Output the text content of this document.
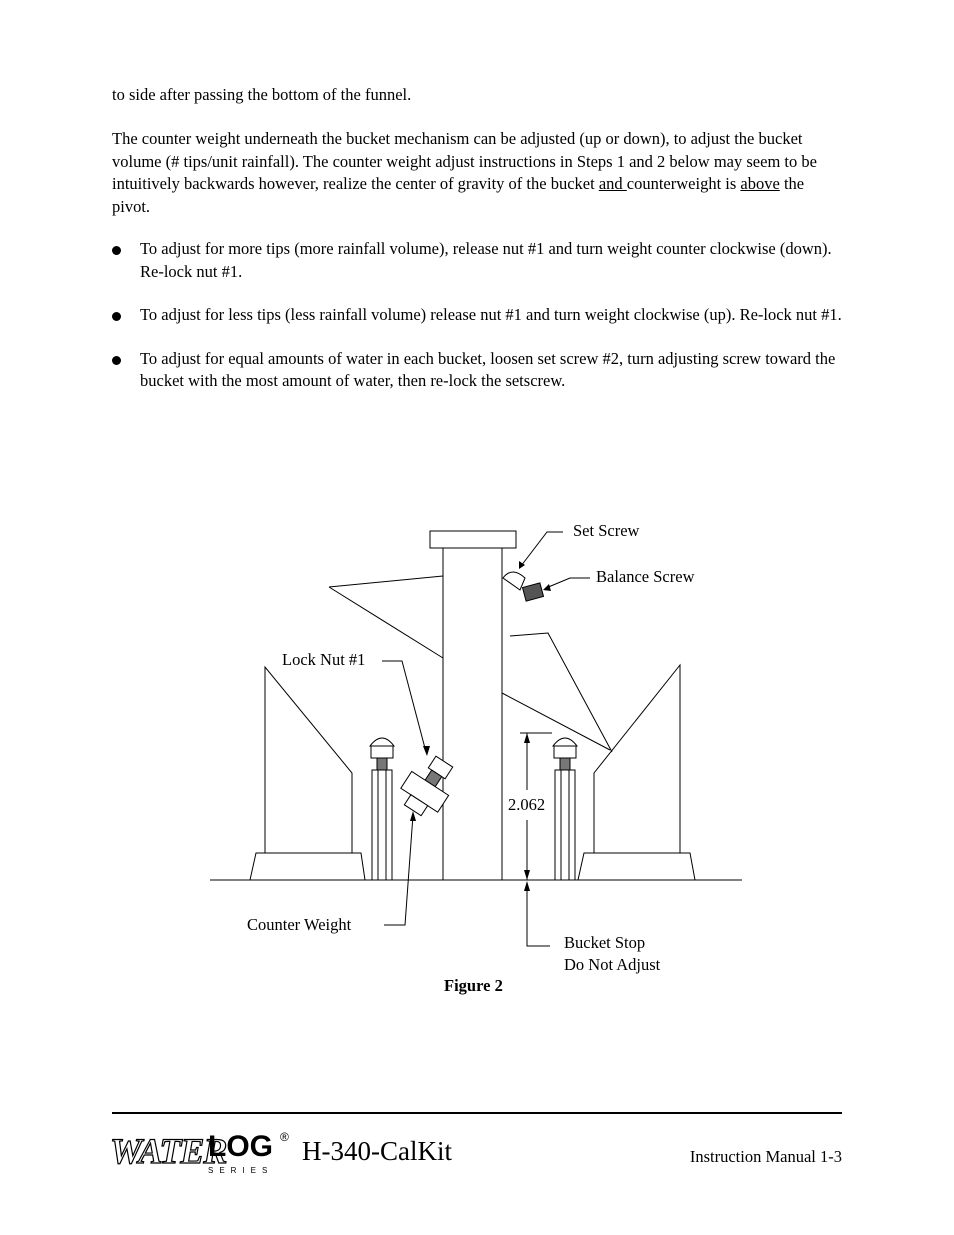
to side after passing the bottom of the funnel.
The counter weight underneath the bucket mechanism can be adjusted (up or down), to adjust the bucket volume (# tips/unit rainfall). The counter weight adjust instructions in Steps 1 and 2 below may seem to be intuitively backwards however, realize the center of gravity of the bucket and counterweight is above the pivot.
To adjust for more tips (more rainfall volume), release nut #1 and turn weight counter clockwise (down). Re-lock nut #1.
To adjust for less tips (less rainfall volume) release nut #1 and turn weight clockwise (up). Re-lock nut #1.
To adjust for equal amounts of water in each bucket, loosen set screw #2, turn adjusting screw toward the bucket with the most amount of water, then re-lock the setscrew.
Set Screw
Balance Screw
Lock Nut #1
2.062
Counter Weight
Bucket Stop
Do Not Adjust
Figure 2
WATER
LOG
SERIES
® H-340-CalKit	Instruction Manual 1-3
